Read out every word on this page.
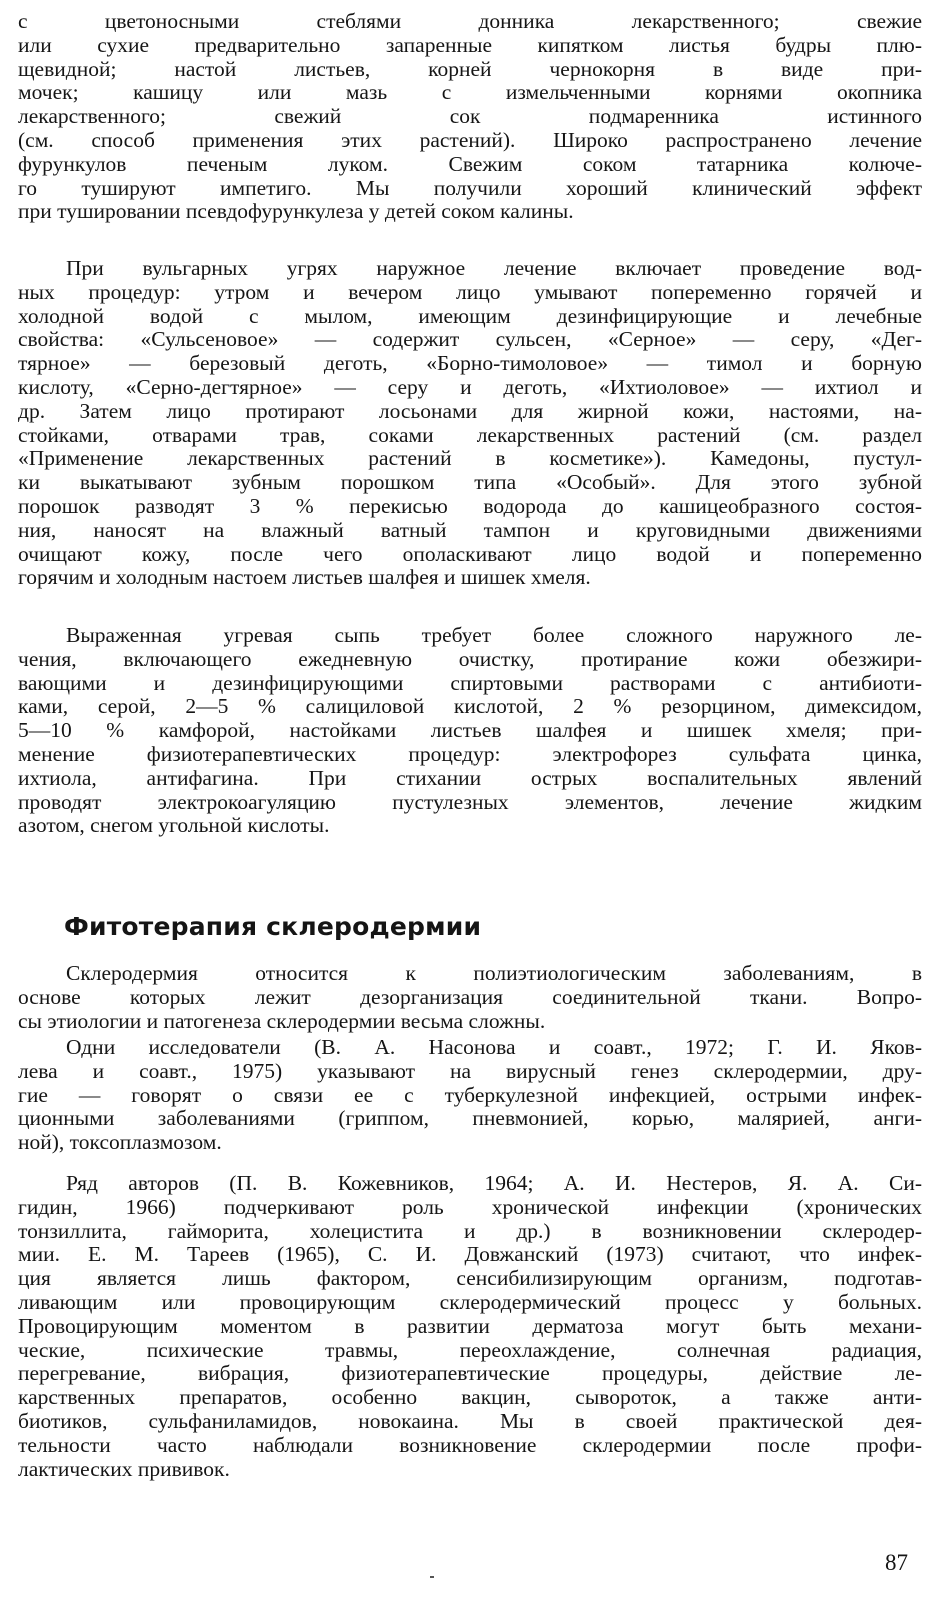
с цветоносными стеблями донника лекарственного; свежие
или сухие предварительно запаренные кипятком листья будры плю-
щевидной; настой листьев, корней чернокорня в виде при-
мочек; кашицу или мазь с измельченными корнями окопника
лекарственного; свежий сок подмаренника истинного
(см. способ применения этих растений). Широко распространено лечение
фурункулов печеным луком. Свежим соком татарника колюче-
го тушируют импетиго. Мы получили хороший клинический эффект
при тушировании псевдофурункулеза у детей соком калины.
При вульгарных угрях наружное лечение включает проведение вод-
ных процедур: утром и вечером лицо умывают попеременно горячей и
холодной водой с мылом, имеющим дезинфицирующие и лечебные
свойства: «Сульсеновое» — содержит сульсен, «Серное» — серу, «Дег-
тярное» — березовый деготь, «Борно-тимоловое» — тимол и борную
кислоту, «Серно-дегтярное» — серу и деготь, «Ихтиоловое» — ихтиол и
др. Затем лицо протирают лосьонами для жирной кожи, настоями, на-
стойками, отварами трав, соками лекарственных растений (см. раздел
«Применение лекарственных растений в косметике»). Камедоны, пустул-
ки выкатывают зубным порошком типа «Особый». Для этого зубной
порошок разводят 3 % перекисью водорода до кашицеобразного состоя-
ния, наносят на влажный ватный тампон и круговидными движениями
очищают кожу, после чего ополаскивают лицо водой и попеременно
горячим и холодным настоем листьев шалфея и шишек хмеля.
Выраженная угревая сыпь требует более сложного наружного ле-
чения, включающего ежедневную очистку, протирание кожи обезжири-
вающими и дезинфицирующими спиртовыми растворами с антибиоти-
ками, серой, 2—5 % салициловой кислотой, 2 % резорцином, димексидом,
5—10 % камфорой, настойками листьев шалфея и шишек хмеля; при-
менение физиотерапевтических процедур: электрофорез сульфата цинка,
ихтиола, антифагина. При стихании острых воспалительных явлений
проводят электрокоагуляцию пустулезных элементов, лечение жидким
азотом, снегом угольной кислоты.
Склеродермия относится к полиэтиологическим заболеваниям, в
основе которых лежит дезорганизация соединительной ткани. Вопро-
сы этиологии и патогенеза склеродермии весьма сложны.
Одни исследователи (В. А. Насонова и соавт., 1972; Г. И. Яков-
лева и соавт., 1975) указывают на вирусный генез склеродермии, дру-
гие — говорят о связи ее с туберкулезной инфекцией, острыми инфек-
ционными заболеваниями (гриппом, пневмонией, корью, малярией, анги-
ной), токсоплазмозом.
Ряд авторов (П. В. Кожевников, 1964; А. И. Нестеров, Я. А. Си-
гидин, 1966) подчеркивают роль хронической инфекции (хронических
тонзиллита, гайморита, холецистита и др.) в возникновении склеродер-
мии. Е. М. Тареев (1965), С. И. Довжанский (1973) считают, что инфек-
ция является лишь фактором, сенсибилизирующим организм, подготав-
ливающим или провоцирующим склеродермический процесс у больных.
Провоцирующим моментом в развитии дерматоза могут быть механи-
ческие, психические травмы, переохлаждение, солнечная радиация,
перегревание, вибрация, физиотерапевтические процедуры, действие ле-
карственных препаратов, особенно вакцин, сывороток, а также анти-
биотиков, сульфаниламидов, новокаина. Мы в своей практической дея-
тельности часто наблюдали возникновение склеродермии после профи-
лактических прививок.
Фитотерапия склеродермии
87
